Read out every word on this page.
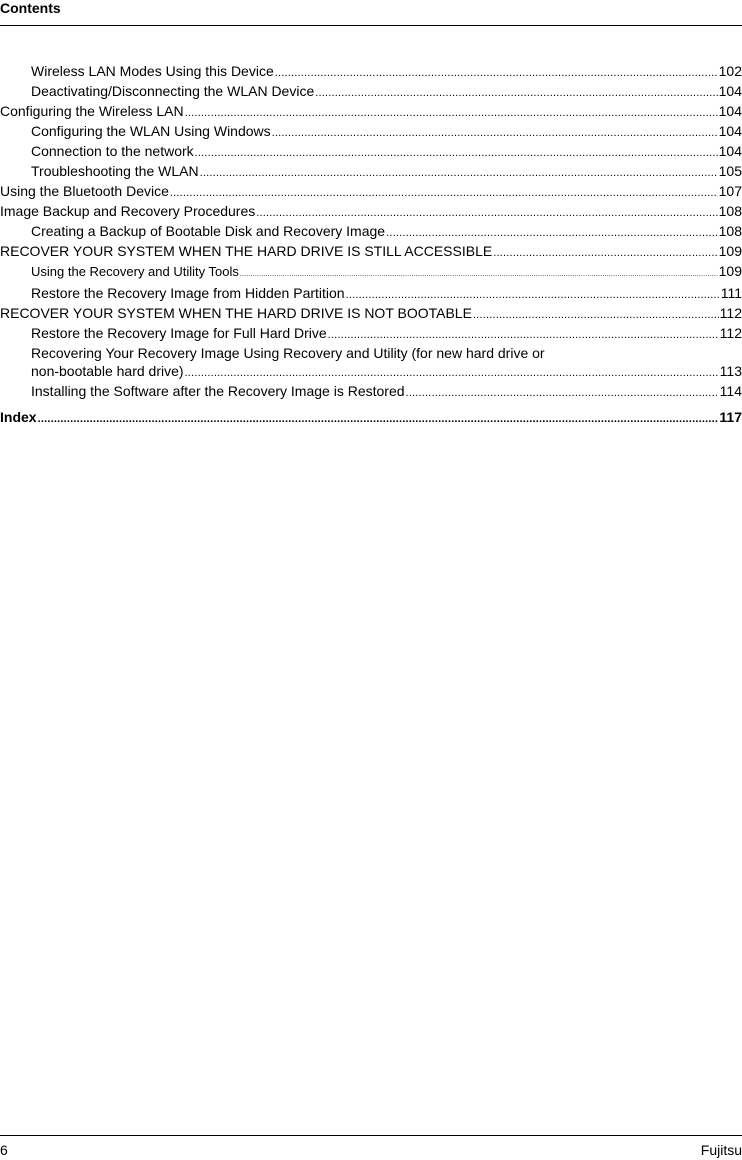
Contents
Wireless LAN Modes Using this Device .....	102
Deactivating/Disconnecting the WLAN Device .....	104
Configuring the Wireless LAN .....	104
Configuring the WLAN Using Windows .....	104
Connection to the network .....	104
Troubleshooting the WLAN .....	105
Using the Bluetooth Device .....	107
Image Backup and Recovery Procedures .....	108
Creating a Backup of Bootable Disk and Recovery Image .....	108
RECOVER YOUR SYSTEM WHEN THE HARD DRIVE IS STILL ACCESSIBLE .....	109
Using the Recovery and Utility Tools .....	109
Restore the Recovery Image from Hidden Partition .....	111
RECOVER YOUR SYSTEM WHEN THE HARD DRIVE IS NOT BOOTABLE .....	112
Restore the Recovery Image for Full Hard Drive .....	112
Recovering Your Recovery Image Using Recovery and Utility (for new hard drive or
non-bootable hard drive) .....	113
Installing the Software after the Recovery Image is Restored .....	114
Index .....	117
6	Fujitsu
